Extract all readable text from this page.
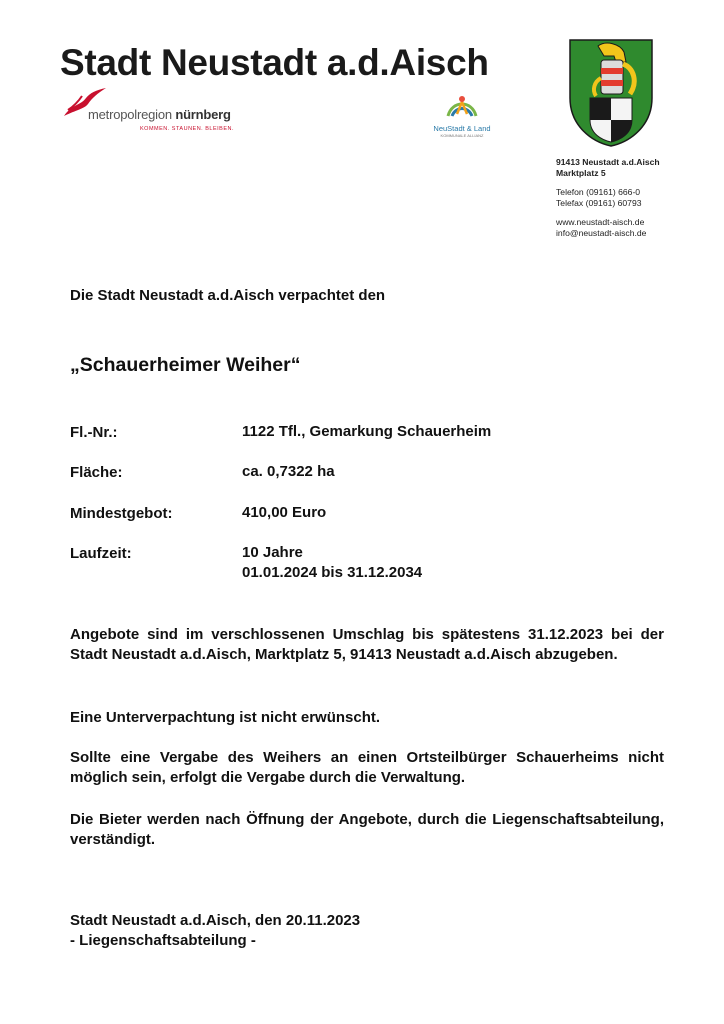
Stadt Neustadt a.d.Aisch
metropolregion nürnberg
KOMMEN. STAUNEN. BLEIBEN.	NeuStadt & Land
KOMMUNALE ALLIANZ
91413 Neustadt a.d.Aisch
Marktplatz 5
Telefon (09161) 666-0
Telefax (09161) 60793
www.neustadt-aisch.de
info@neustadt-aisch.de
Die Stadt Neustadt a.d.Aisch verpachtet den
„Schauerheimer Weiher“
Fl.-Nr.:	1122 Tfl., Gemarkung Schauerheim
Fläche:	ca. 0,7322 ha
Mindestgebot:	410,00 Euro
Laufzeit:	10 Jahre
01.01.2024 bis 31.12.2034
Angebote sind im verschlossenen Umschlag bis spätestens 31.12.2023 bei der Stadt Neustadt a.d.Aisch, Marktplatz 5, 91413 Neustadt a.d.Aisch abzugeben.
Eine Unterverpachtung ist nicht erwünscht.
Sollte eine Vergabe des Weihers an einen Ortsteilbürger Schauerheims nicht möglich sein, erfolgt die Vergabe durch die Verwaltung.
Die Bieter werden nach Öffnung der Angebote, durch die Liegenschaftsabteilung, verständigt.
Stadt Neustadt a.d.Aisch, den 20.11.2023
- Liegenschaftsabteilung -
